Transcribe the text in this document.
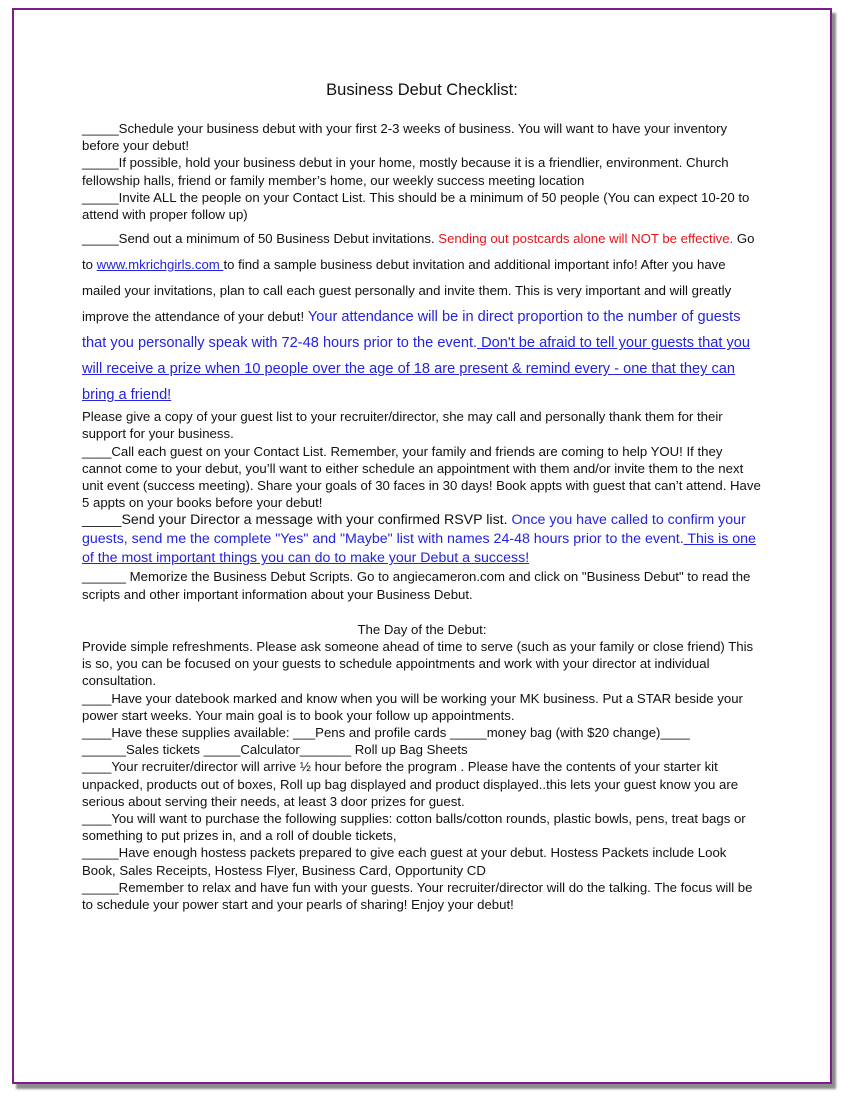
Business Debut Checklist:

_____Schedule your business debut with your first 2-3 weeks of business. You will want to have your inventory before your debut!

_____If possible, hold your business debut in your home, mostly because it is a friendlier, environment. Church fellowship halls, friend or family member’s home, our weekly success meeting location

_____Invite ALL the people on your Contact List. This should be a minimum of 50 people (You can expect 10-20 to attend with proper follow up)

_____Send out a minimum of 50 Business Debut invitations. Sending out postcards alone will NOT be effective. Go to www.mkrichgirls.com to find a sample business debut invitation and additional important info! After you have mailed your invitations, plan to call each guest personally and invite them. This is very important and will greatly improve the attendance of your debut! Your attendance will be in direct proportion to the number of guests that you personally speak with 72-48 hours prior to the event. Don't be afraid to tell your guests that you will receive a prize when 10 people over the age of 18 are present & remind every - one that they can bring a friend!

Please give a copy of your guest list to your recruiter/director, she may call and personally thank them for their support for your business.

____Call each guest on your Contact List. Remember, your family and friends are coming to help YOU! If they cannot come to your debut, you’ll want to either schedule an appointment with them and/or invite them to the next unit event (success meeting). Share your goals of 30 faces in 30 days! Book appts with guest that can’t attend. Have 5 appts on your books before your debut!

_____Send your Director a message with your confirmed RSVP list. Once you have called to confirm your guests, send me the complete "Yes" and "Maybe" list with names 24-48 hours prior to the event. This is one of the most important things you can do to make your Debut a success!

______ Memorize the Business Debut Scripts. Go to angiecameron.com and click on "Business Debut" to read the scripts and other important information about your Business Debut.

The Day of the Debut:

Provide simple refreshments. Please ask someone ahead of time to serve (such as your family or close friend) This is so, you can be focused on your guests to schedule appointments and work with your director at individual consultation.

____Have your datebook marked and know when you will be working your MK business. Put a STAR beside your power start weeks. Your main goal is to book your follow up appointments.

____Have these supplies available: ___Pens and profile cards _____money bag (with $20 change)____

______Sales tickets _____Calculator_______ Roll up Bag Sheets

____Your recruiter/director will arrive ½ hour before the program . Please have the contents of your starter kit unpacked, products out of boxes, Roll up bag displayed and product displayed..this lets your guest know you are serious about serving their needs, at least 3 door prizes for guest.

____You will want to purchase the following supplies: cotton balls/cotton rounds, plastic bowls, pens, treat bags or something to put prizes in, and a roll of double tickets,

_____Have enough hostess packets prepared to give each guest at your debut. Hostess Packets include Look Book, Sales Receipts, Hostess Flyer, Business Card, Opportunity CD

_____Remember to relax and have fun with your guests. Your recruiter/director will do the talking. The focus will be to schedule your power start and your pearls of sharing! Enjoy your debut!
